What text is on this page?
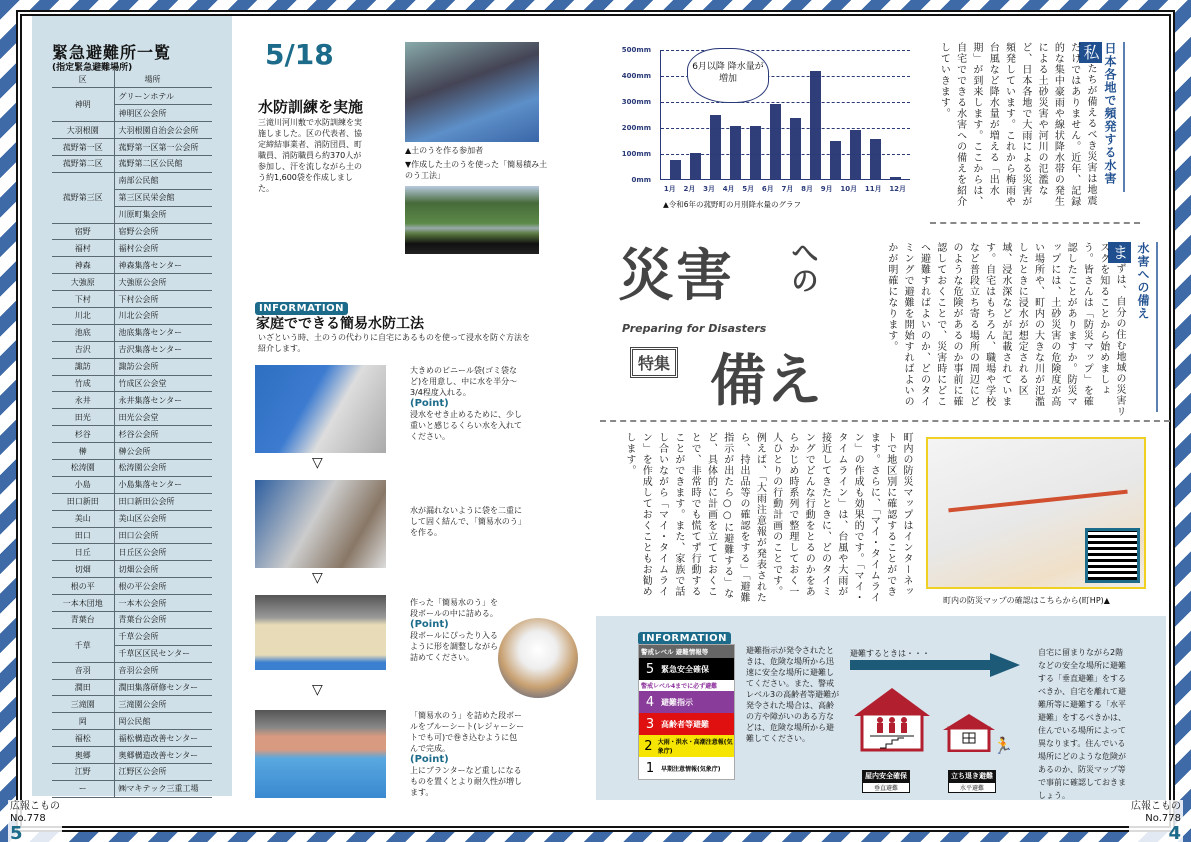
緊急避難所一覧
(指定緊急避難場所)
区	場所
神明	グリーンホテル
	神明区公会所
大羽根園	大羽根園自治会公会所
菰野第一区	菰野第一区第一公会所
菰野第二区	菰野第二区公民館
菰野第三区	南部公民館
	第三区民栄会館
	川原町集会所
宿野	宿野公会所
福村	福村公会所
神森	神森集落センター
大強原	大強原公会所
下村	下村公会所
川北	川北公会所
池底	池底集落センター
吉沢	吉沢集落センター
諏訪	諏訪公会所
竹成	竹成区公会堂
永井	永井集落センター
田光	田光公会堂
杉谷	杉谷公会所
榊	榊公会所
松涛園	松涛園公会所
小島	小島集落センター
田口新田	田口新田公会所
美山	美山区公会所
田口	田口公会所
日丘	日丘区公会所
切畑	切畑公会所
根の平	根の平公会所
一本木団地	一本木公会所
青葉台	青葉台公会所
千草	千草公会所
	千草区区民センター
音羽	音羽公会所
潤田	潤田集落研修センター
三滝園	三滝園公会所
岡	岡公民館
福松	福松構造改善センター
奥郷	奥郷構造改善センター
江野	江野区公会所
ー	㈱マキテック三重工場
5/18
水防訓練を実施
三滝川河川敷で水防訓練を実施しました。区の代表者、協定締結事業者、消防団員、町職員、消防職員ら約370人が参加し、汗を流しながら土のう約1,600袋を作成しました。
▲土のうを作る参加者
▼作成した土のうを使った「簡易積み土のう工法」
INFORMATION
家庭でできる簡易水防工法
いざという時、土のうの代わりに自宅にあるものを使って浸水を防ぐ方法を紹介します。
▽
▽
▽
大きめのビニール袋(ゴミ袋など)を用意し、中に水を半分～3/4程度入れる。
(Point)
浸水をせき止めるために、少し重いと感じるくらい水を入れてください。
水が漏れないように袋を二重にして固く結んで、「簡易水のう」を作る。
作った「簡易水のう」を段ボールの中に詰める。
(Point)
段ボールにぴったり入るように形を調整しながら詰めてください。
「簡易水のう」を詰めた段ボールをブルーシート(レジャーシートでも可)で巻き込むように包んで完成。
(Point)
上にプランターなど重しになるものを置くとより耐久性が増します。
0mm
100mm
200mm
300mm
400mm
500mm
1月 2月 3月 4月 5月 6月 7月 8月 9月 10月 11月 12月
▲令和6年の菰野町の月別降水量のグラフ
6月以降 降水量が増加	日本各地で頻発する水害
私たちが備えるべき災害は地震だけではありません。近年、記録的な集中豪雨や線状降水帯の発生による土砂災害や河川の氾濫など、日本各地で大雨による災害が頻発しています。これから梅雨や台風など降水量が増える「出水期」が到来します。ここからは、自宅でできる水害への備えを紹介していきます。
災害 への
Preparing for Disasters
特集 備え
水害への備え
まずは、自分の住む地域の災害リスクを知ることから始めましょう。皆さんは「防災マップ」を確認したことがありますか。防災マップには、土砂災害の危険度が高い場所や、町内の大きな川が氾濫したときに浸水が想定される区域、浸水深などが記載されています。自宅はもちろん、職場や学校など普段立ち寄る場所の周辺にどのような危険があるのか事前に確認しておくことで、災害時にどこへ避難すればよいのか、どのタイミングで避難を開始すればよいのかが明確になります。
町内の防災マップはインターネットで地区別に確認することができます。さらに、「マイ・タイムライン」の作成も効果的です。「マイ・タイムライン」は、台風や大雨が接近してきたときに、どのタイミングでどんな行動をとるのかをあらかじめ時系列で整理しておく一人ひとりの行動計画のことです。例えば、「大雨注意報が発表されたら、持出品等の確認をする」「避難指示が出たら○○に避難する」など、具体的に計画を立てておくことで、非常時でも慌てず行動することができます。また、家族で話し合いながら「マイ・タイムライン」を作成しておくこともお勧めします。
町内の防災マップの確認はこちらから(町HP)▲
INFORMATION
警戒レベル
避難情報等
5 緊急安全確保
警戒レベル4までに必ず避難
4 避難指示
3 高齢者等避難
2 大雨・洪水・高潮注意報(気象庁)
1	早期注意情報(気象庁)
避難指示が発令されたときは、危険な場所から迅速に安全な場所に避難してください。また、警戒レベル3の高齢者等避難が発令された場合は、高齢の方や障がいのある方などは、危険な場所から避難してください。
避難するときは・・・
🏃
屋内安全確保
垂直避難
立ち退き避難
水平避難
自宅に留まりながら2階などの安全な場所に避難する「垂直避難」をするべきか、自宅を離れて避難所等に避難する「水平避難」をするべきかは、住んでいる場所によって異なります。住んでいる場所にどのような危険があるのか、防災マップ等で事前に確認しておきましょう。
広報こもの
No.778
5
広報こもの
No.778
4
